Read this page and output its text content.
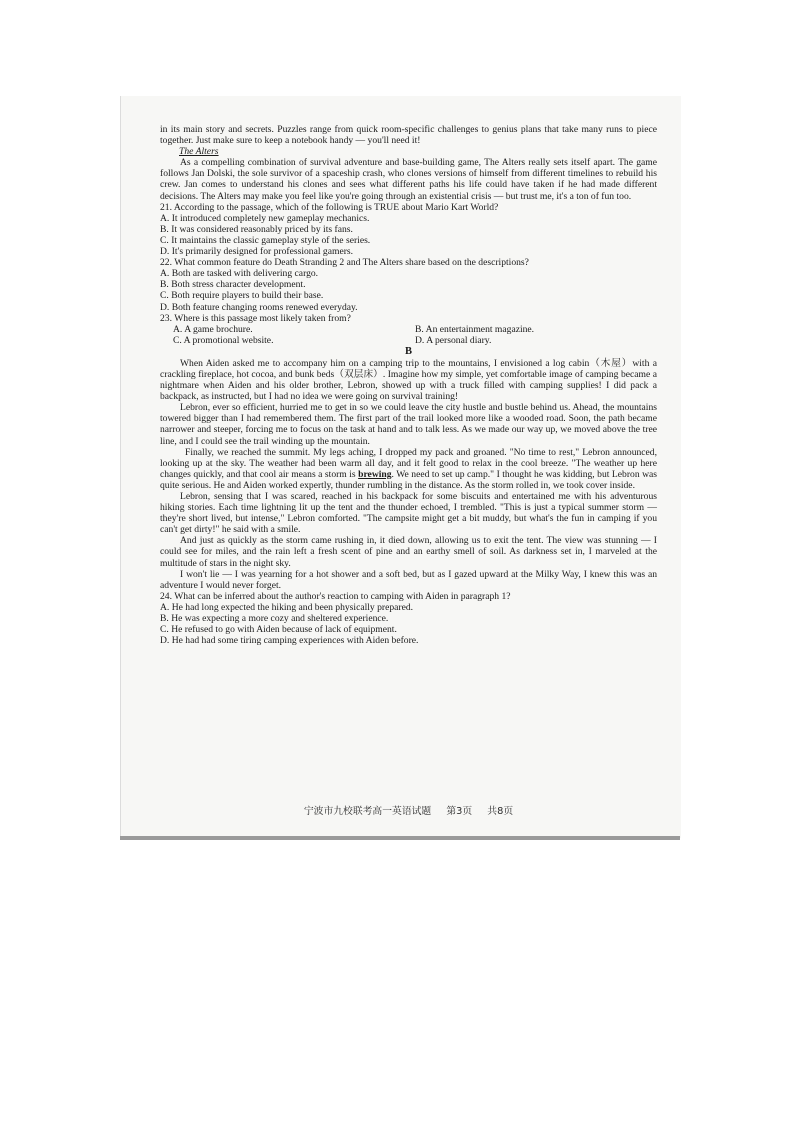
in its main story and secrets. Puzzles range from quick room-specific challenges to genius plans that take many runs to piece together. Just make sure to keep a notebook handy — you'll need it!

The Alters

As a compelling combination of survival adventure and base-building game, The Alters really sets itself apart. The game follows Jan Dolski, the sole survivor of a spaceship crash, who clones versions of himself from different timelines to rebuild his crew. Jan comes to understand his clones and sees what different paths his life could have taken if he had made different decisions. The Alters may make you feel like you're going through an existential crisis — but trust me, it's a ton of fun too.

21. According to the passage, which of the following is TRUE about Mario Kart World?

A. It introduced completely new gameplay mechanics.

B. It was considered reasonably priced by its fans.

C. It maintains the classic gameplay style of the series.

D. It's primarily designed for professional gamers.

22. What common feature do Death Stranding 2 and The Alters share based on the descriptions?

A. Both are tasked with delivering cargo.

B. Both stress character development.

C. Both require players to build their base.

D. Both feature changing rooms renewed everyday.

23. Where is this passage most likely taken from?

A. A game brochure.	B. An entertainment magazine.
C. A promotional website.	D. A personal diary.

B

When Aiden asked me to accompany him on a camping trip to the mountains, I envisioned a log cabin（木屋）with a crackling fireplace, hot cocoa, and bunk beds（双层床）. Imagine how my simple, yet comfortable image of camping became a nightmare when Aiden and his older brother, Lebron, showed up with a truck filled with camping supplies! I did pack a backpack, as instructed, but I had no idea we were going on survival training!

Lebron, ever so efficient, hurried me to get in so we could leave the city hustle and bustle behind us. Ahead, the mountains towered bigger than I had remembered them. The first part of the trail looked more like a wooded road. Soon, the path became narrower and steeper, forcing me to focus on the task at hand and to talk less. As we made our way up, we moved above the tree line, and I could see the trail winding up the mountain.

Finally, we reached the summit. My legs aching, I dropped my pack and groaned. "No time to rest," Lebron announced, looking up at the sky. The weather had been warm all day, and it felt good to relax in the cool breeze. "The weather up here changes quickly, and that cool air means a storm is brewing. We need to set up camp." I thought he was kidding, but Lebron was quite serious. He and Aiden worked expertly, thunder rumbling in the distance. As the storm rolled in, we took cover inside.

Lebron, sensing that I was scared, reached in his backpack for some biscuits and entertained me with his adventurous hiking stories. Each time lightning lit up the tent and the thunder echoed, I trembled. "This is just a typical summer storm — they're short lived, but intense," Lebron comforted. "The campsite might get a bit muddy, but what's the fun in camping if you can't get dirty!" he said with a smile.

And just as quickly as the storm came rushing in, it died down, allowing us to exit the tent. The view was stunning — I could see for miles, and the rain left a fresh scent of pine and an earthy smell of soil. As darkness set in, I marveled at the multitude of stars in the night sky.

I won't lie — I was yearning for a hot shower and a soft bed, but as I gazed upward at the Milky Way, I knew this was an adventure I would never forget.

24. What can be inferred about the author's reaction to camping with Aiden in paragraph 1?

A. He had long expected the hiking and been physically prepared.

B. He was expecting a more cozy and sheltered experience.

C. He refused to go with Aiden because of lack of equipment.

D. He had had some tiring camping experiences with Aiden before.

宁波市九校联考高一英语试题 第3页 共8页
